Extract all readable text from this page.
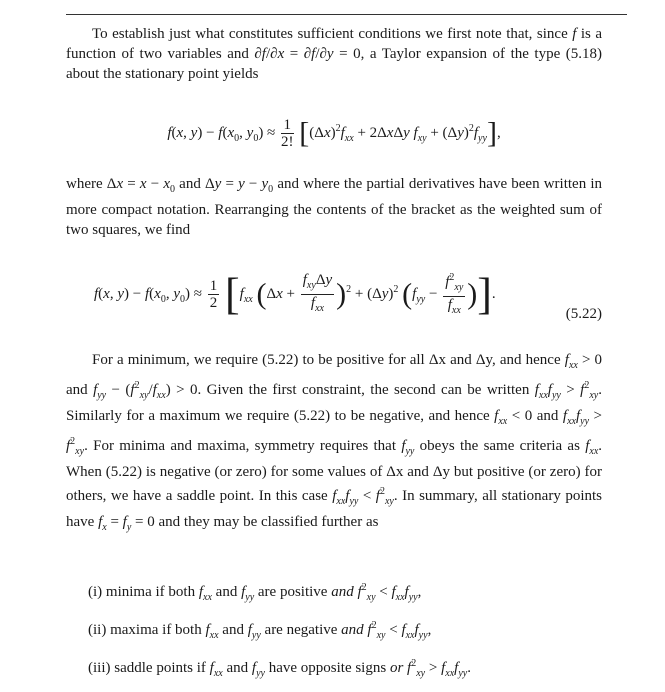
To establish just what constitutes sufficient conditions we first note that, since f is a function of two variables and ∂f/∂x = ∂f/∂y = 0, a Taylor expansion of the type (5.18) about the stationary point yields

f(x, $y) - f(x_0$, $y_0) \approx \frac{1}{2!} [(\Delta x)^2f_{xx} + 2\Delta x\Delta y$ $f_{xy} + (\Delta y)^2f_{yy}$],

where $\Delta x = x - x_0$ and $\Delta y = y - y_0$ and where the partial derivatives have been written in more compact notation. Rearranging the contents of the bracket as the weighted sum of two squares, we find

f(x, $y) - f(x_0$, $y_0) \approx \frac{1}{2} [f_{xx}$ $(\Delta x + \frac{f_{xy}\Delta y}{f_{xx}} )^2 + (\Delta y)^2$ ($f_{yy} - \frac{f^2_{xy}}{f_{xx}}$ )].
(5.22)

For a minimum, we require (5.22) to be positive for all Δx and Δy, and hence $f_{xx} > 0$ and $f_{yy} - (f^2_{xy}/f_{xx}) > 0$. Given the first constraint, the second can be written $f_{xx}f_{yy} > f^2_{xy}$. Similarly for a maximum we require (5.22) to be negative, and hence $f_{xx} < 0$ and $f_{xx}f_{yy} > f^2_{xy}$. For minima and maxima, symmetry requires that $f_{yy}$ obeys the same criteria as $f_{xx}$. When (5.22) is negative (or zero) for some values of Δx and Δy but positive (or zero) for others, we have a saddle point. In this case $f_{xx}f_{yy} < f^2_{xy}$. In summary, all stationary points have $f_x = f_y = 0$ and they may be classified further as

(i) minima if both $f_{xx}$ and $f_{yy}$ are positive and $f^2_{xy} < f_{xx}f_{yy}$,
(ii) maxima if both $f_{xx}$ and $f_{yy}$ are negative and $f^2_{xy} < f_{xx}f_{yy}$,
(iii) saddle points if $f_{xx}$ and $f_{yy}$ have opposite signs or $f^2_{xy} > f_{xx}f_{yy}$.
